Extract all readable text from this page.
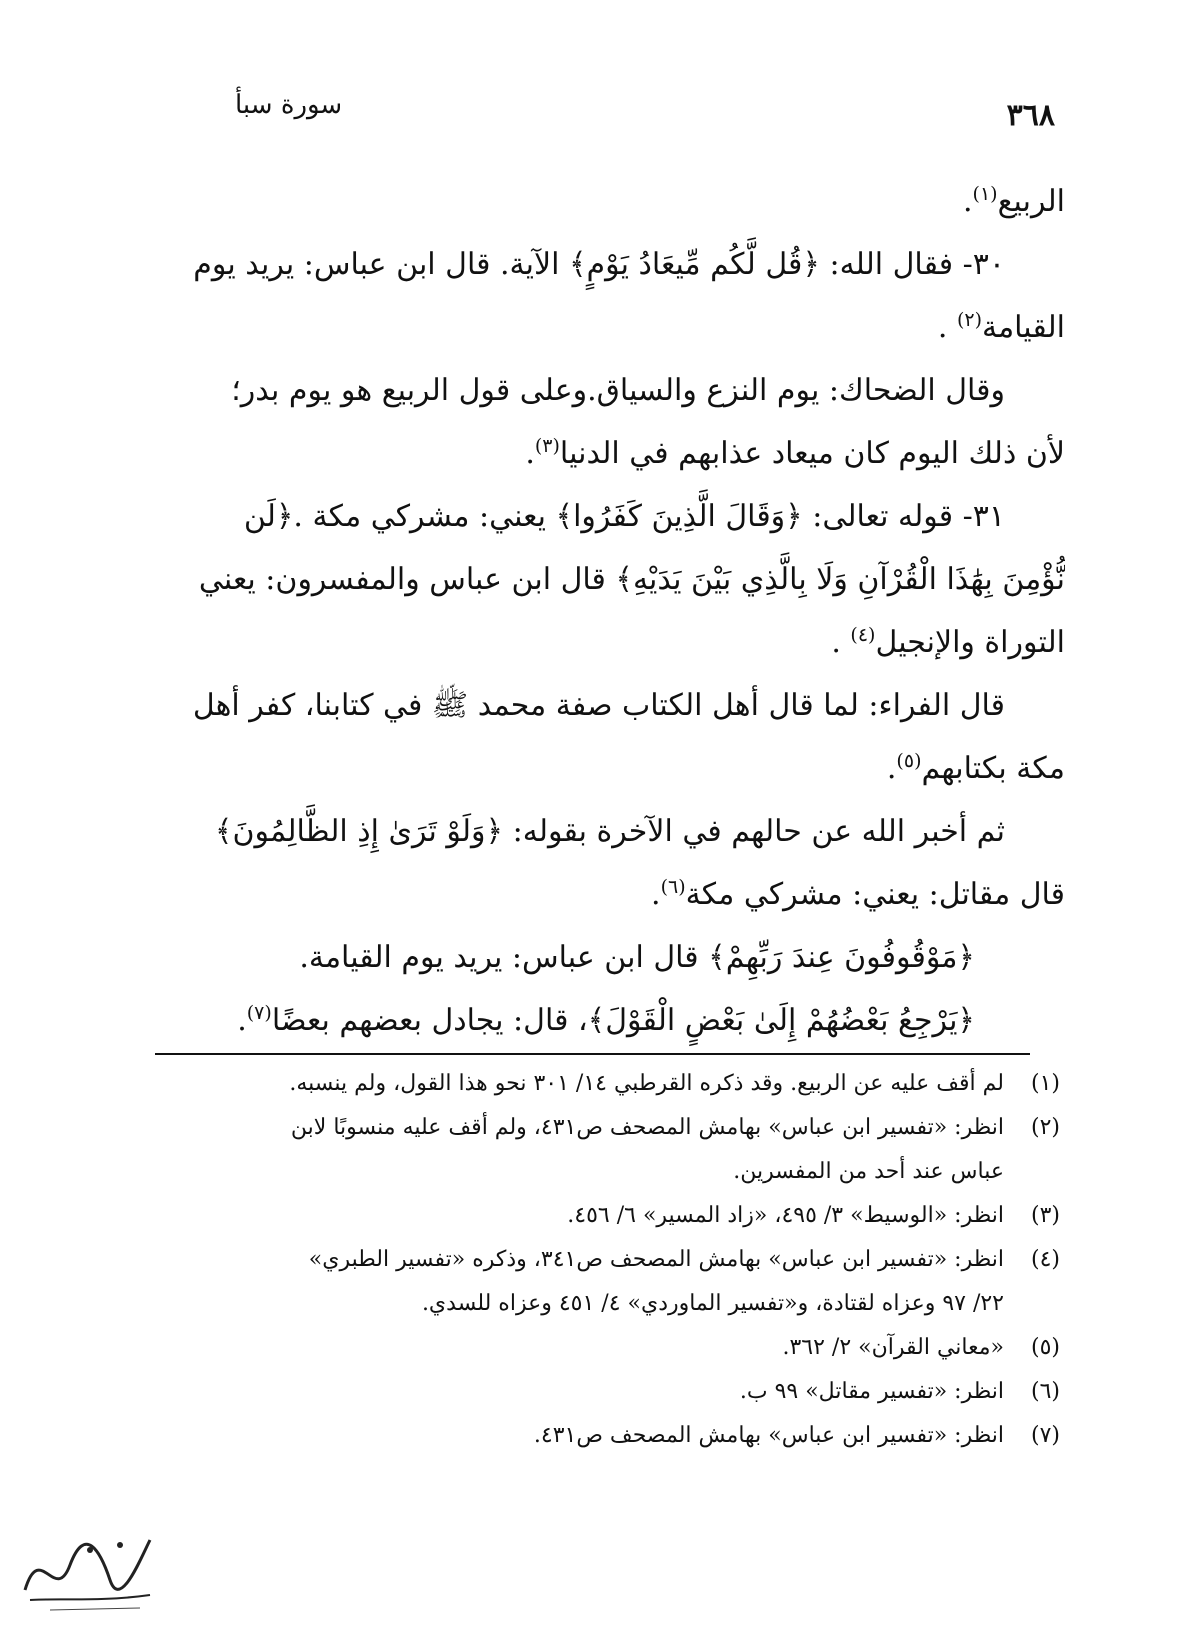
٣٦٨
سورة سبأ
الربيع$^{(١)}$.
٣٠- فقال الله: ﴿قُل لَّكُم مِّيعَادُ يَوْمٍ﴾ الآية. قال ابن عباس: يريد يوم
القيامة$^{(٢)}$ .
وقال الضحاك: يوم النزع والسياق.وعلى قول الربيع هو يوم بدر؛
لأن ذلك اليوم كان ميعاد عذابهم في الدنيا$^{(٣)}$.
٣١- قوله تعالى: ﴿وَقَالَ الَّذِينَ كَفَرُوا﴾ يعني: مشركي مكة .﴿لَن
نُّؤْمِنَ بِهَٰذَا الْقُرْآنِ وَلَا بِالَّذِي بَيْنَ يَدَيْهِ﴾ قال ابن عباس والمفسرون: يعني
التوراة والإنجيل$^{(٤)}$ .
قال الفراء: لما قال أهل الكتاب صفة محمد ﷺ في كتابنا، كفر أهل
مكة بكتابهم$^{(٥)}$.
ثم أخبر الله عن حالهم في الآخرة بقوله: ﴿وَلَوْ تَرَىٰ إِذِ الظَّالِمُونَ﴾
قال مقاتل: يعني: مشركي مكة$^{(٦)}$.
﴿مَوْقُوفُونَ عِندَ رَبِّهِمْ﴾ قال ابن عباس: يريد يوم القيامة.
﴿يَرْجِعُ بَعْضُهُمْ إِلَىٰ بَعْضٍ الْقَوْلَ﴾، قال: يجادل بعضهم بعضًا$^{(٧)}$.
(١)لم أقف عليه عن الربيع. وقد ذكره القرطبي ١٤/ ٣٠١ نحو هذا القول، ولم ينسبه.
(٢)انظر: «تفسير ابن عباس» بهامش المصحف ص٤٣١، ولم أقف عليه منسوبًا لابن
عباس عند أحد من المفسرين.
(٣)انظر: «الوسيط» ٣/ ٤٩٥، «زاد المسير» ٦/ ٤٥٦.
(٤)انظر: «تفسير ابن عباس» بهامش المصحف ص٣٤١، وذكره «تفسير الطبري»
٢٢/ ٩٧ وعزاه لقتادة، و«تفسير الماوردي» ٤/ ٤٥١ وعزاه للسدي.
(٥)«معاني القرآن» ٢/ ٣٦٢.
(٦)انظر: «تفسير مقاتل» ٩٩ ب.
(٧)انظر: «تفسير ابن عباس» بهامش المصحف ص٤٣١.
